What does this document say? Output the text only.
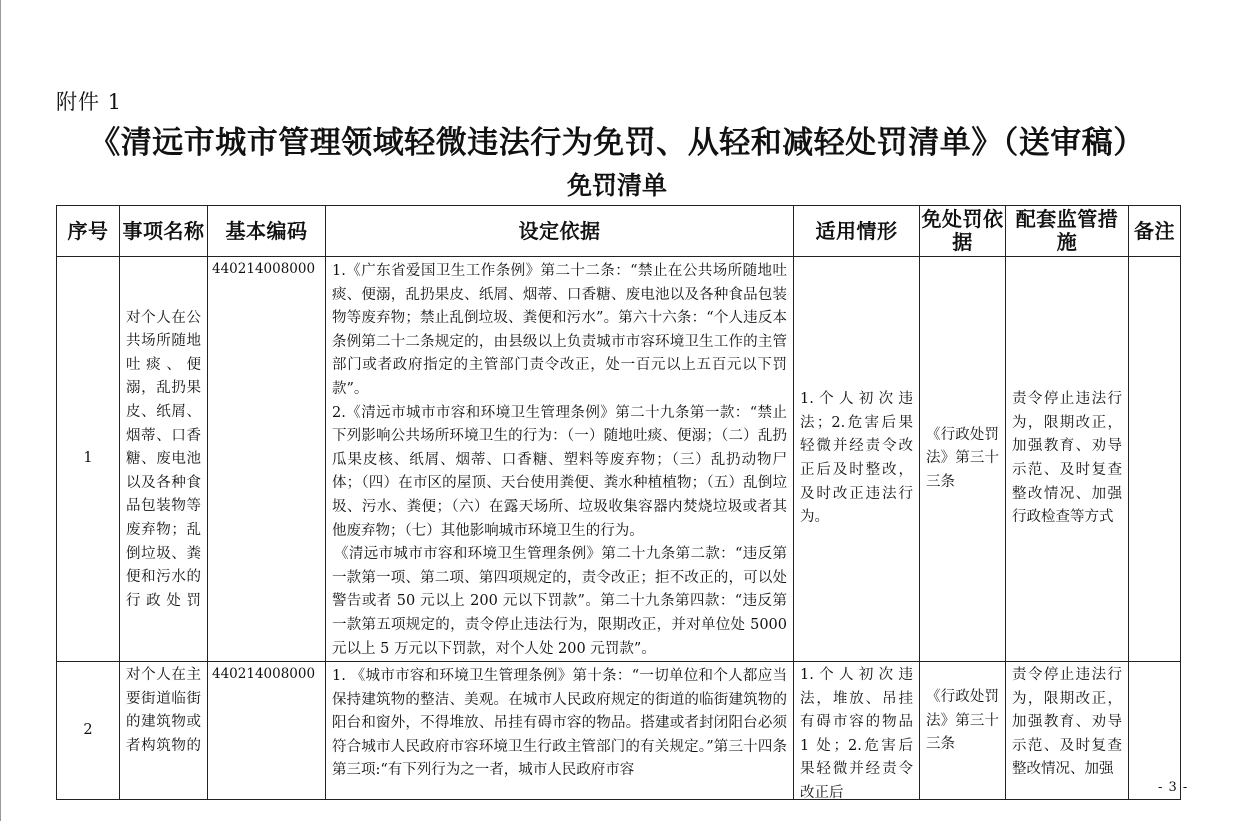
附件 1
《清远市城市管理领域轻微违法行为免罚、从轻和减轻处罚清单》（送审稿）
免罚清单
序号	事项名称	基本编码	设定依据	适用情形	免处罚依据	配套监管措施	备注
1	对个人在公共场所随地吐痰、便溺，乱扔果皮、纸屑、烟蒂、口香糖、废电池以及各种食品包装物等废弃物；乱倒垃圾、粪便和污水的行政处罚	440214008000	1.《广东省爱国卫生工作条例》第二十二条：“禁止在公共场所随地吐痰、便溺，乱扔果皮、纸屑、烟蒂、口香糖、废电池以及各种食品包装物等废弃物；禁止乱倒垃圾、粪便和污水”。第六十六条：“个人违反本条例第二十二条规定的，由县级以上负责城市市容环境卫生工作的主管部门或者政府指定的主管部门责令改正，处一百元以上五百元以下罚款”。

2.《清远市城市市容和环境卫生管理条例》第二十九条第一款：“禁止下列影响公共场所环境卫生的行为：（一）随地吐痰、便溺；（二）乱扔瓜果皮核、纸屑、烟蒂、口香糖、塑料等废弃物；（三）乱扔动物尸体；（四）在市区的屋顶、天台使用粪便、粪水种植植物；（五）乱倒垃圾、污水、粪便；（六）在露天场所、垃圾收集容器内焚烧垃圾或者其他废弃物；（七）其他影响城市环境卫生的行为。

《清远市城市市容和环境卫生管理条例》第二十九条第二款：“违反第一款第一项、第二项、第四项规定的，责令改正；拒不改正的，可以处警告或者 50 元以上 200 元以下罚款”。第二十九条第四款：“违反第一款第五项规定的，责令停止违法行为，限期改正，并对单位处 5000 元以上 5 万元以下罚款，对个人处 200 元罚款”。	1.个人初次违法；2.危害后果轻微并经责令改正后及时整改，及时改正违法行为。	《行政处罚法》第三十三条	责令停止违法行为，限期改正，加强教育、劝导示范、及时复查整改情况、加强行政检查等方式	
2	对个人在主要街道临街的建筑物或者构筑物的	440214008000	1. 《城市市容和环境卫生管理条例》第十条：“一切单位和个人都应当保持建筑物的整洁、美观。在城市人民政府规定的街道的临街建筑物的阳台和窗外，不得堆放、吊挂有碍市容的物品。搭建或者封闭阳台必须符合城市人民政府市容环境卫生行政主管部门的有关规定。”第三十四条第三项:“有下列行为之一者，城市人民政府市容	1.个人初次违法，堆放、吊挂有碍市容的物品 1 处；2.危害后果轻微并经责令改正后	《行政处罚法》第三十三条	责令停止违法行为，限期改正，加强教育、劝导示范、及时复查整改情况、加强	

- 3 -
